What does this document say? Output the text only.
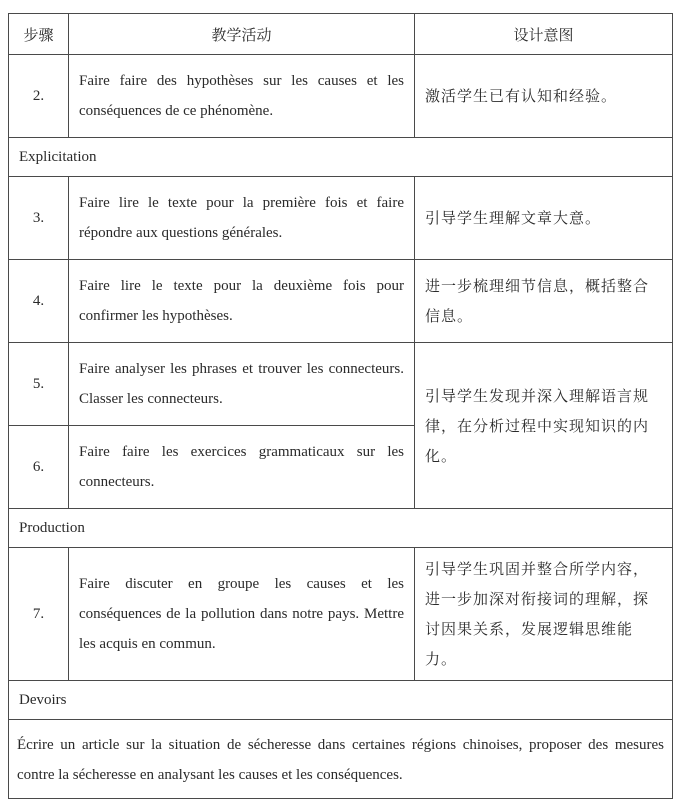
步骤	教学活动	设计意图
2.	Faire faire des hypothèses sur les causes et les conséquences de ce phénomène.	激活学生已有认知和经验。
Explicitation		
3.	Faire lire le texte pour la première fois et faire répondre aux questions générales.	引导学生理解文章大意。
4.	Faire lire le texte pour la deuxième fois pour confirmer les hypothèses.	进一步梳理细节信息，概括整合信息。
5.	Faire analyser les phrases et trouver les connecteurs. Classer les connecteurs.	引导学生发现并深入理解语言规律，在分析过程中实现知识的内化。
6.	Faire faire les exercices grammaticaux sur les connecteurs.	
Production		
7.	Faire discuter en groupe les causes et les conséquences de la pollution dans notre pays. Mettre les acquis en commun.	引导学生巩固并整合所学内容，进一步加深对衔接词的理解，探讨因果关系，发展逻辑思维能力。
Devoirs		
Écrire un article sur la situation de sécheresse dans certaines régions chinoises, proposer des mesures contre la sécheresse en analysant les causes et les conséquences.		
